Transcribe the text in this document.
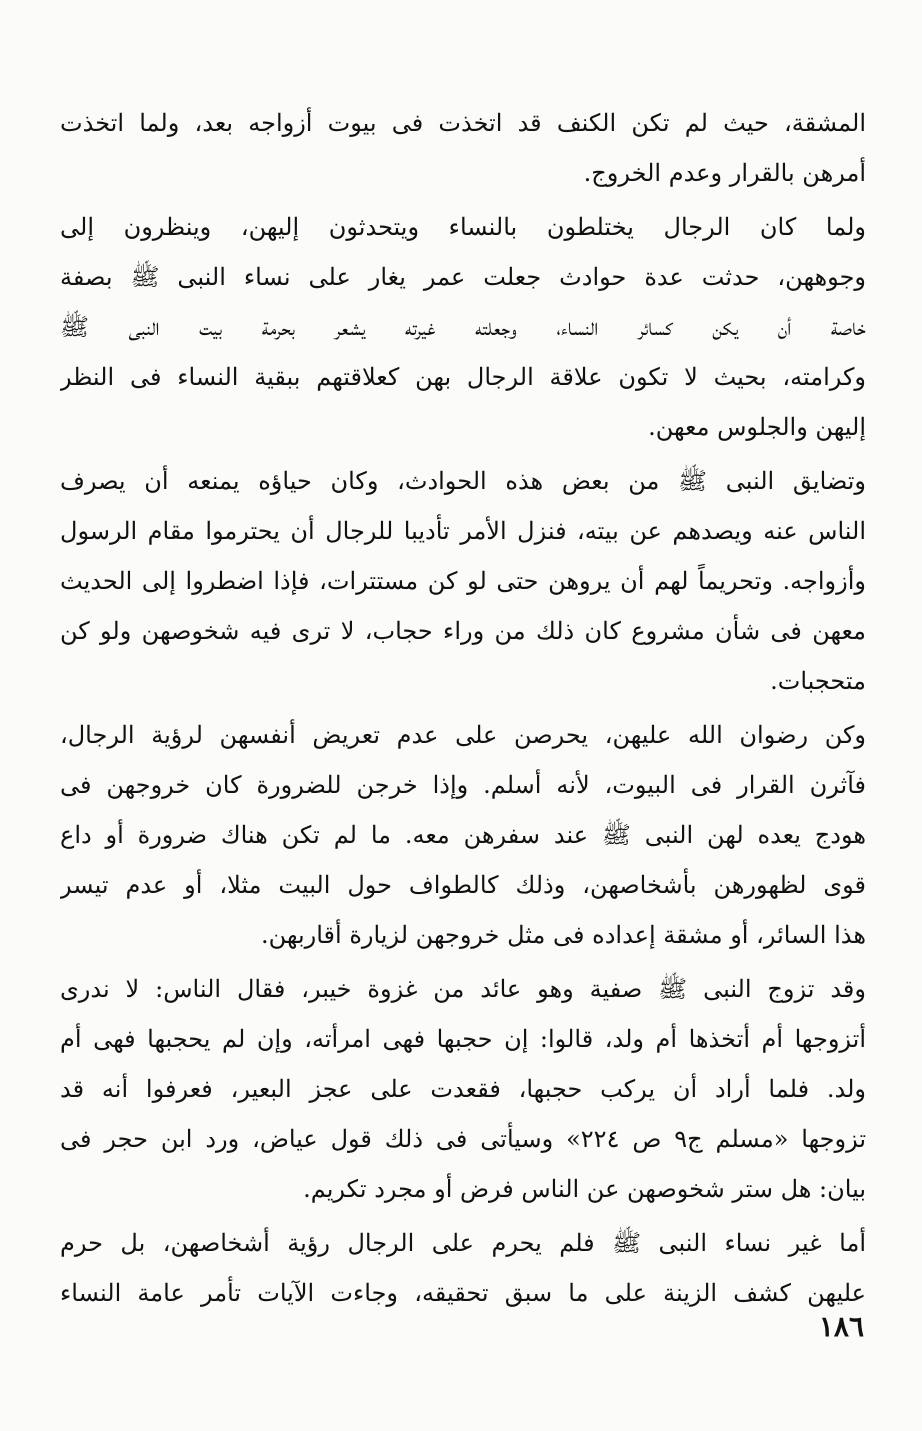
المشقة، حيث لم تكن الكنف قد اتخذت فى بيوت أزواجه بعد، ولما اتخذت
أمرهن بالقرار وعدم الخروج.
ولما كان الرجال يختلطون بالنساء ويتحدثون إليهن، وينظرون إلى
وجوههن، حدثت عدة حوادث جعلت عمر يغار على نساء النبى ﷺ بصفة
خاصة أن يكن كسائر النساء، وجعلته غيرته يشعر بحرمة بيت النبى ﷺ
وكرامته، بحيث لا تكون علاقة الرجال بهن كعلاقتهم ببقية النساء فى النظر
إليهن والجلوس معهن.
وتضايق النبى ﷺ من بعض هذه الحوادث، وكان حياؤه يمنعه أن يصرف
الناس عنه ويصدهم عن بيته، فنزل الأمر تأديبا للرجال أن يحترموا مقام الرسول
وأزواجه. وتحريماً لهم أن يروهن حتى لو كن مستترات، فإذا اضطروا إلى الحديث
معهن فى شأن مشروع كان ذلك من وراء حجاب، لا ترى فيه شخوصهن ولو كن
متحجبات.
وكن رضوان الله عليهن، يحرصن على عدم تعريض أنفسهن لرؤية الرجال،
فآثرن القرار فى البيوت، لأنه أسلم. وإذا خرجن للضرورة كان خروجهن فى
هودج يعده لهن النبى ﷺ عند سفرهن معه. ما لم تكن هناك ضرورة أو داع
قوى لظهورهن بأشخاصهن، وذلك كالطواف حول البيت مثلا، أو عدم تيسر
هذا السائر، أو مشقة إعداده فى مثل خروجهن لزيارة أقاربهن.
وقد تزوج النبى ﷺ صفية وهو عائد من غزوة خيبر، فقال الناس: لا ندرى
أتزوجها أم أتخذها أم ولد، قالوا: إن حجبها فهى امرأته، وإن لم يحجبها فهى أم
ولد. فلما أراد أن يركب حجبها، فقعدت على عجز البعير، فعرفوا أنه قد
تزوجها «مسلم ج٩ ص ٢٢٤» وسيأتى فى ذلك قول عياض، ورد ابن حجر فى
بيان: هل ستر شخوصهن عن الناس فرض أو مجرد تكريم.
أما غير نساء النبى ﷺ فلم يحرم على الرجال رؤية أشخاصهن، بل حرم
عليهن كشف الزينة على ما سبق تحقيقه، وجاءت الآيات تأمر عامة النساء
١٨٦
